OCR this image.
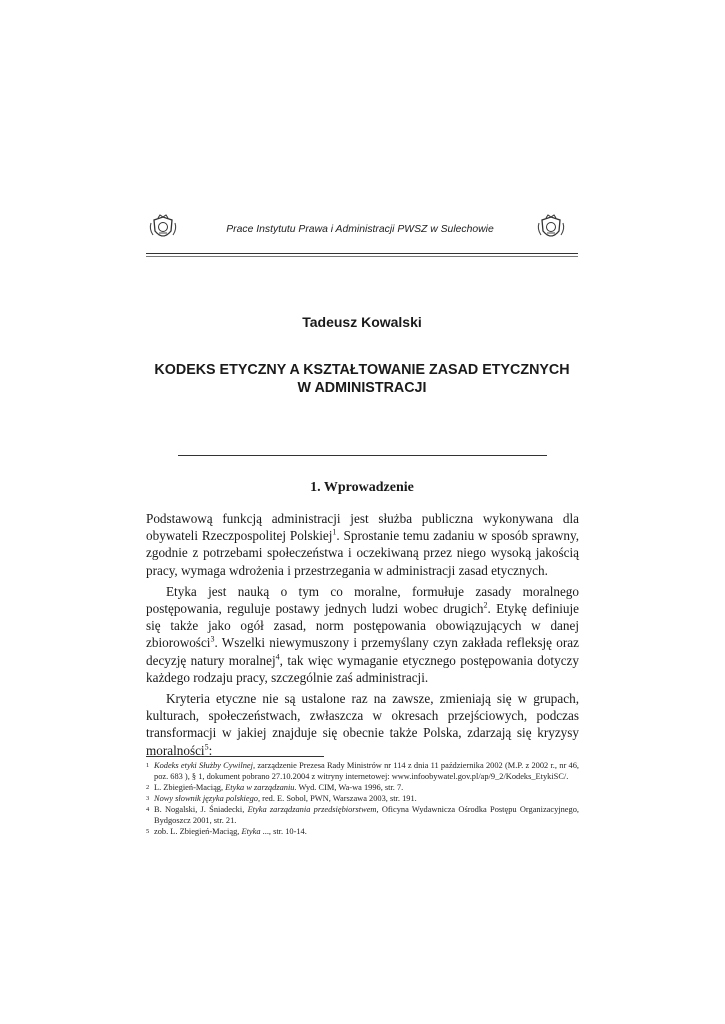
Prace Instytutu Prawa i Administracji PWSZ w Sulechowie
Tadeusz Kowalski
KODEKS ETYCZNY A KSZTAŁTOWANIE ZASAD ETYCZNYCH
W ADMINISTRACJI
1. Wprowadzenie

Podstawową funkcją administracji jest służba publiczna wykonywana dla obywateli Rzeczpospolitej Polskiej$^1$. Sprostanie temu zadaniu w sposób sprawny, zgodnie z potrzebami społeczeństwa i oczekiwaną przez niego wysoką jakością pracy, wymaga wdrożenia i przestrzegania w administracji zasad etycznych.

Etyka jest nauką o tym co moralne, formułuje zasady moralnego postępowania, reguluje postawy jednych ludzi wobec drugich$^2$. Etykę definiuje się także jako ogół zasad, norm postępowania obowiązujących w danej zbiorowości$^3$. Wszelki niewymuszony i przemyślany czyn zakłada refleksję oraz decyzję natury moralnej$^4$, tak więc wymaganie etycznego postępowania dotyczy każdego rodzaju pracy, szczególnie zaś administracji.

Kryteria etyczne nie są ustalone raz na zawsze, zmieniają się w grupach, kulturach, społeczeństwach, zwłaszcza w okresach przejściowych, podczas transformacji w jakiej znajduje się obecnie także Polska, zdarzają się kryzysy moralności$^5$:

1 Kodeks etyki Służby Cywilnej, zarządzenie Prezesa Rady Ministrów nr 114 z dnia 11 października 2002 (M.P. z 2002 r., nr 46, poz. 683 ), § 1, dokument pobrano 27.10.2004 z witryny internetowej: www.infoobywatel.gov.pl/ap/9_2/Kodeks_EtykiSC/.

2 L. Zbiegień-Maciąg, Etyka w zarządzaniu. Wyd. CIM, Wa-wa 1996, str. 7.

3 Nowy słownik języka polskiego, red. E. Sobol, PWN, Warszawa 2003, str. 191.

4 B. Nogalski, J. Śniadecki, Etyka zarządzania przedsiębiorstwem, Oficyna Wydawnicza Ośrodka Postępu Organizacyjnego, Bydgoszcz 2001, str. 21.

5 zob. L. Zbiegień-Maciąg, Etyka ..., str. 10-14.
